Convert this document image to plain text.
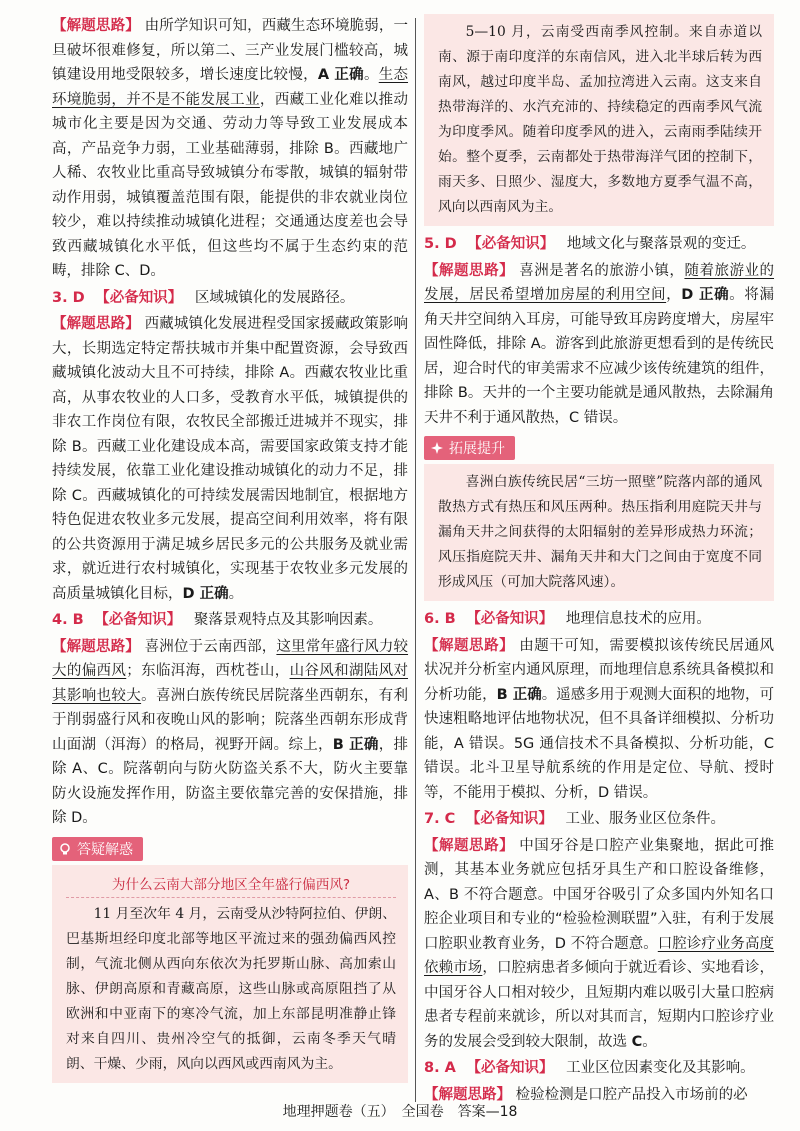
【解题思路】 由所学知识可知，西藏生态环境脆弱，一旦破坏很难修复，所以第二、三产业发展门槛较高，城镇建设用地受限较多，增长速度比较慢，A 正确。生态环境脆弱，并不是不能发展工业，西藏工业化难以推动城市化主要是因为交通、劳动力等导致工业发展成本高，产品竞争力弱，工业基础薄弱，排除 B。西藏地广人稀、农牧业比重高导致城镇分布零散，城镇的辐射带动作用弱，城镇覆盖范围有限，能提供的非农就业岗位较少，难以持续推动城镇化进程；交通通达度差也会导致西藏城镇化水平低，但这些均不属于生态约束的范畴，排除 C、D。

3. D 【必备知识】 区域城镇化的发展路径。

【解题思路】 西藏城镇化发展进程受国家援藏政策影响大，长期选定特定帮扶城市并集中配置资源，会导致西藏城镇化波动大且不可持续，排除 A。西藏农牧业比重高，从事农牧业的人口多，受教育水平低，城镇提供的非农工作岗位有限，农牧民全部搬迁进城并不现实，排除 B。西藏工业化建设成本高，需要国家政策支持才能持续发展，依靠工业化建设推动城镇化的动力不足，排除 C。西藏城镇化的可持续发展需因地制宜，根据地方特色促进农牧业多元发展，提高空间利用效率，将有限的公共资源用于满足城乡居民多元的公共服务及就业需求，就近进行农村城镇化，实现基于农牧业多元发展的高质量城镇化目标，D 正确。

4. B 【必备知识】 聚落景观特点及其影响因素。

【解题思路】 喜洲位于云南西部，这里常年盛行风力较大的偏西风；东临洱海，西枕苍山，山谷风和湖陆风对其影响也较大。喜洲白族传统民居院落坐西朝东，有利于削弱盛行风和夜晚山风的影响；院落坐西朝东形成背山面湖（洱海）的格局，视野开阔。综上，B 正确，排除 A、C。院落朝向与防火防盗关系不大，防火主要靠防火设施发挥作用，防盗主要依靠完善的安保措施，排除 D。

答疑解惑
为什么云南大部分地区全年盛行偏西风?

11 月至次年 4 月，云南受从沙特阿拉伯、伊朗、巴基斯坦经印度北部等地区平流过来的强劲偏西风控制，气流北侧从西向东依次为托罗斯山脉、高加索山脉、伊朗高原和青藏高原，这些山脉或高原阻挡了从欧洲和中亚南下的寒冷气流，加上东部昆明准静止锋对来自四川、贵州冷空气的抵御，云南冬季天气晴朗、干燥、少雨，风向以西风或西南风为主。

5—10 月，云南受西南季风控制。来自赤道以南、源于南印度洋的东南信风，进入北半球后转为西南风，越过印度半岛、孟加拉湾进入云南。这支来自热带海洋的、水汽充沛的、持续稳定的西南季风气流为印度季风。随着印度季风的进入，云南雨季陆续开始。整个夏季，云南都处于热带海洋气团的控制下，雨天多、日照少、湿度大，多数地方夏季气温不高，风向以西南风为主。

5. D 【必备知识】 地域文化与聚落景观的变迁。

【解题思路】 喜洲是著名的旅游小镇，随着旅游业的发展，居民希望增加房屋的利用空间，D 正确。将漏角天井空间纳入耳房，可能导致耳房跨度增大，房屋牢固性降低，排除 A。游客到此旅游更想看到的是传统民居，迎合时代的审美需求不应减少该传统建筑的组件，排除 B。天井的一个主要功能就是通风散热，去除漏角天井不利于通风散热，C 错误。

拓展提升

喜洲白族传统民居“三坊一照壁”院落内部的通风散热方式有热压和风压两种。热压指利用庭院天井与漏角天井之间获得的太阳辐射的差异形成热力环流；风压指庭院天井、漏角天井和大门之间由于宽度不同形成风压（可加大院落风速）。

6. B 【必备知识】 地理信息技术的应用。

【解题思路】 由题干可知，需要模拟该传统民居通风状况并分析室内通风原理，而地理信息系统具备模拟和分析功能，B 正确。遥感多用于观测大面积的地物，可快速粗略地评估地物状况，但不具备详细模拟、分析功能，A 错误。5G 通信技术不具备模拟、分析功能，C 错误。北斗卫星导航系统的作用是定位、导航、授时等，不能用于模拟、分析，D 错误。

7. C 【必备知识】 工业、服务业区位条件。

【解题思路】 中国牙谷是口腔产业集聚地，据此可推测，其基本业务就应包括牙具生产和口腔设备维修，A、B 不符合题意。中国牙谷吸引了众多国内外知名口腔企业项目和专业的“检验检测联盟”入驻，有利于发展口腔职业教育业务，D 不符合题意。口腔诊疗业务高度依赖市场，口腔病患者多倾向于就近看诊、实地看诊，中国牙谷人口相对较少，且短期内难以吸引大量口腔病患者专程前来就诊，所以对其而言，短期内口腔诊疗业务的发展会受到较大限制，故选 C。

8. A 【必备知识】 工业区位因素变化及其影响。

【解题思路】 检验检测是口腔产品投入市场前的必

地理押题卷（五）　全国卷　答案—18
